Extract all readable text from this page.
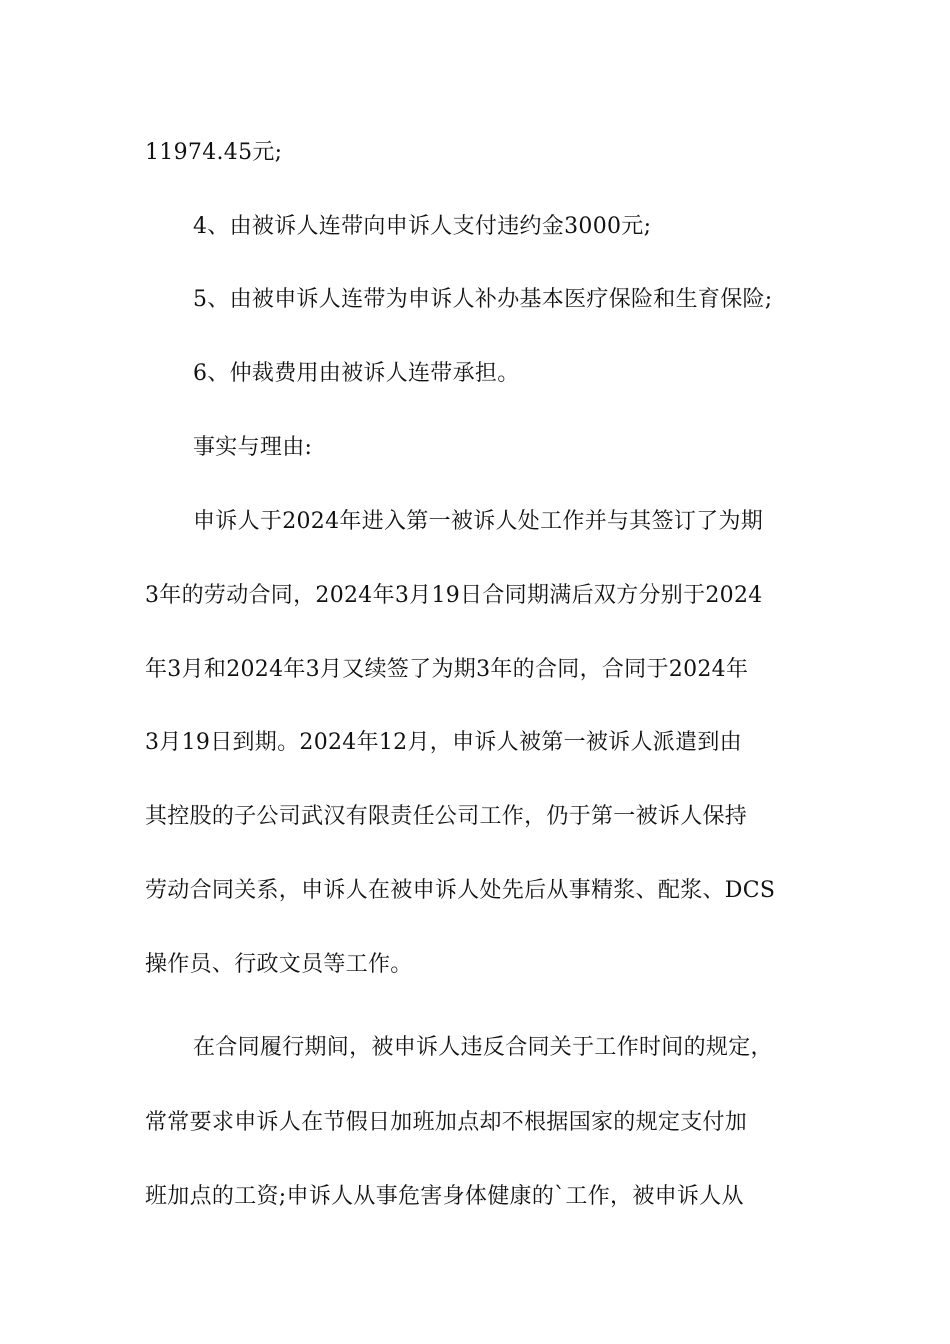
11974.45元;
4、由被诉人连带向申诉人支付违约金3000元;
5、由被申诉人连带为申诉人补办基本医疗保险和生育保险;
6、仲裁费用由被诉人连带承担。
事实与理由:
申诉人于2024年进入第一被诉人处工作并与其签订了为期
3年的劳动合同，2024年3月19日合同期满后双方分别于2024
年3月和2024年3月又续签了为期3年的合同，合同于2024年
3月19日到期。2024年12月，申诉人被第一被诉人派遣到由
其控股的子公司武汉有限责任公司工作，仍于第一被诉人保持
劳动合同关系，申诉人在被申诉人处先后从事精浆、配浆、DCS
操作员、行政文员等工作。
在合同履行期间，被申诉人违反合同关于工作时间的规定，
常常要求申诉人在节假日加班加点却不根据国家的规定支付加
班加点的工资;申诉人从事危害身体健康的`工作，被申诉人从
